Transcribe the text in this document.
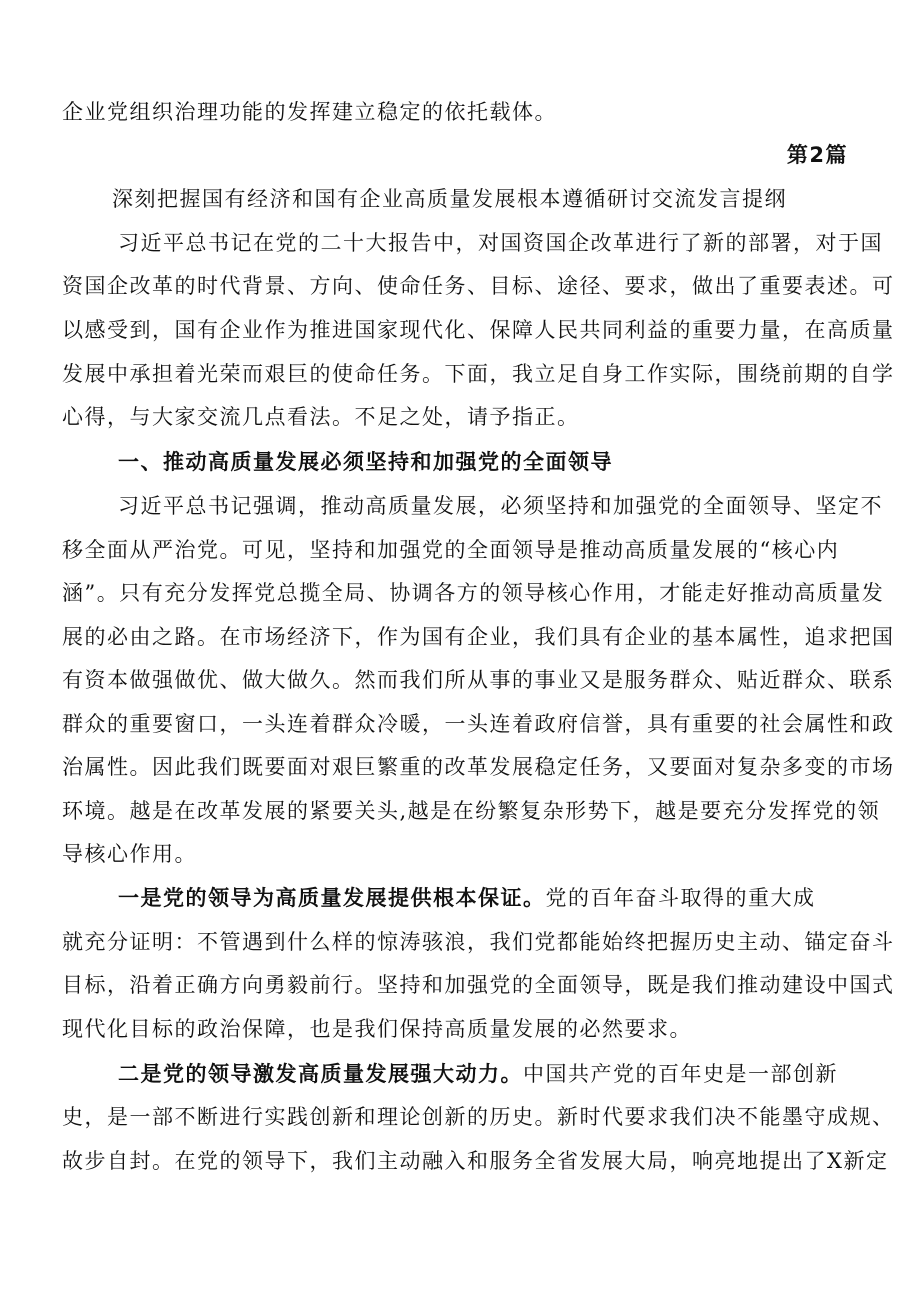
企业党组织治理功能的发挥建立稳定的依托载体。
第2篇
深刻把握国有经济和国有企业高质量发展根本遵循研讨交流发言提纲
习近平总书记在党的二十大报告中，对国资国企改革进行了新的部署，对于国
资国企改革的时代背景、方向、使命任务、目标、途径、要求，做出了重要表述。可
以感受到，国有企业作为推进国家现代化、保障人民共同利益的重要力量，在高质量
发展中承担着光荣而艰巨的使命任务。下面，我立足自身工作实际，围绕前期的自学
心得，与大家交流几点看法。不足之处，请予指正。
一、推动高质量发展必须坚持和加强党的全面领导
习近平总书记强调，推动高质量发展，必须坚持和加强党的全面领导、坚定不
移全面从严治党。可见，坚持和加强党的全面领导是推动高质量发展的“核心内
涵”。只有充分发挥党总揽全局、协调各方的领导核心作用，才能走好推动高质量发
展的必由之路。在市场经济下，作为国有企业，我们具有企业的基本属性，追求把国
有资本做强做优、做大做久。然而我们所从事的事业又是服务群众、贴近群众、联系
群众的重要窗口，一头连着群众冷暖，一头连着政府信誉，具有重要的社会属性和政
治属性。因此我们既要面对艰巨繁重的改革发展稳定任务，又要面对复杂多变的市场
环境。越是在改革发展的紧要关头,越是在纷繁复杂形势下，越是要充分发挥党的领
导核心作用。
一是党的领导为高质量发展提供根本保证。党的百年奋斗取得的重大成
就充分证明：不管遇到什么样的惊涛骇浪，我们党都能始终把握历史主动、锚定奋斗
目标，沿着正确方向勇毅前行。坚持和加强党的全面领导，既是我们推动建设中国式
现代化目标的政治保障，也是我们保持高质量发展的必然要求。
二是党的领导激发高质量发展强大动力。中国共产党的百年史是一部创新
史，是一部不断进行实践创新和理论创新的历史。新时代要求我们决不能墨守成规、
故步自封。在党的领导下，我们主动融入和服务全省发展大局，响亮地提出了X新定
